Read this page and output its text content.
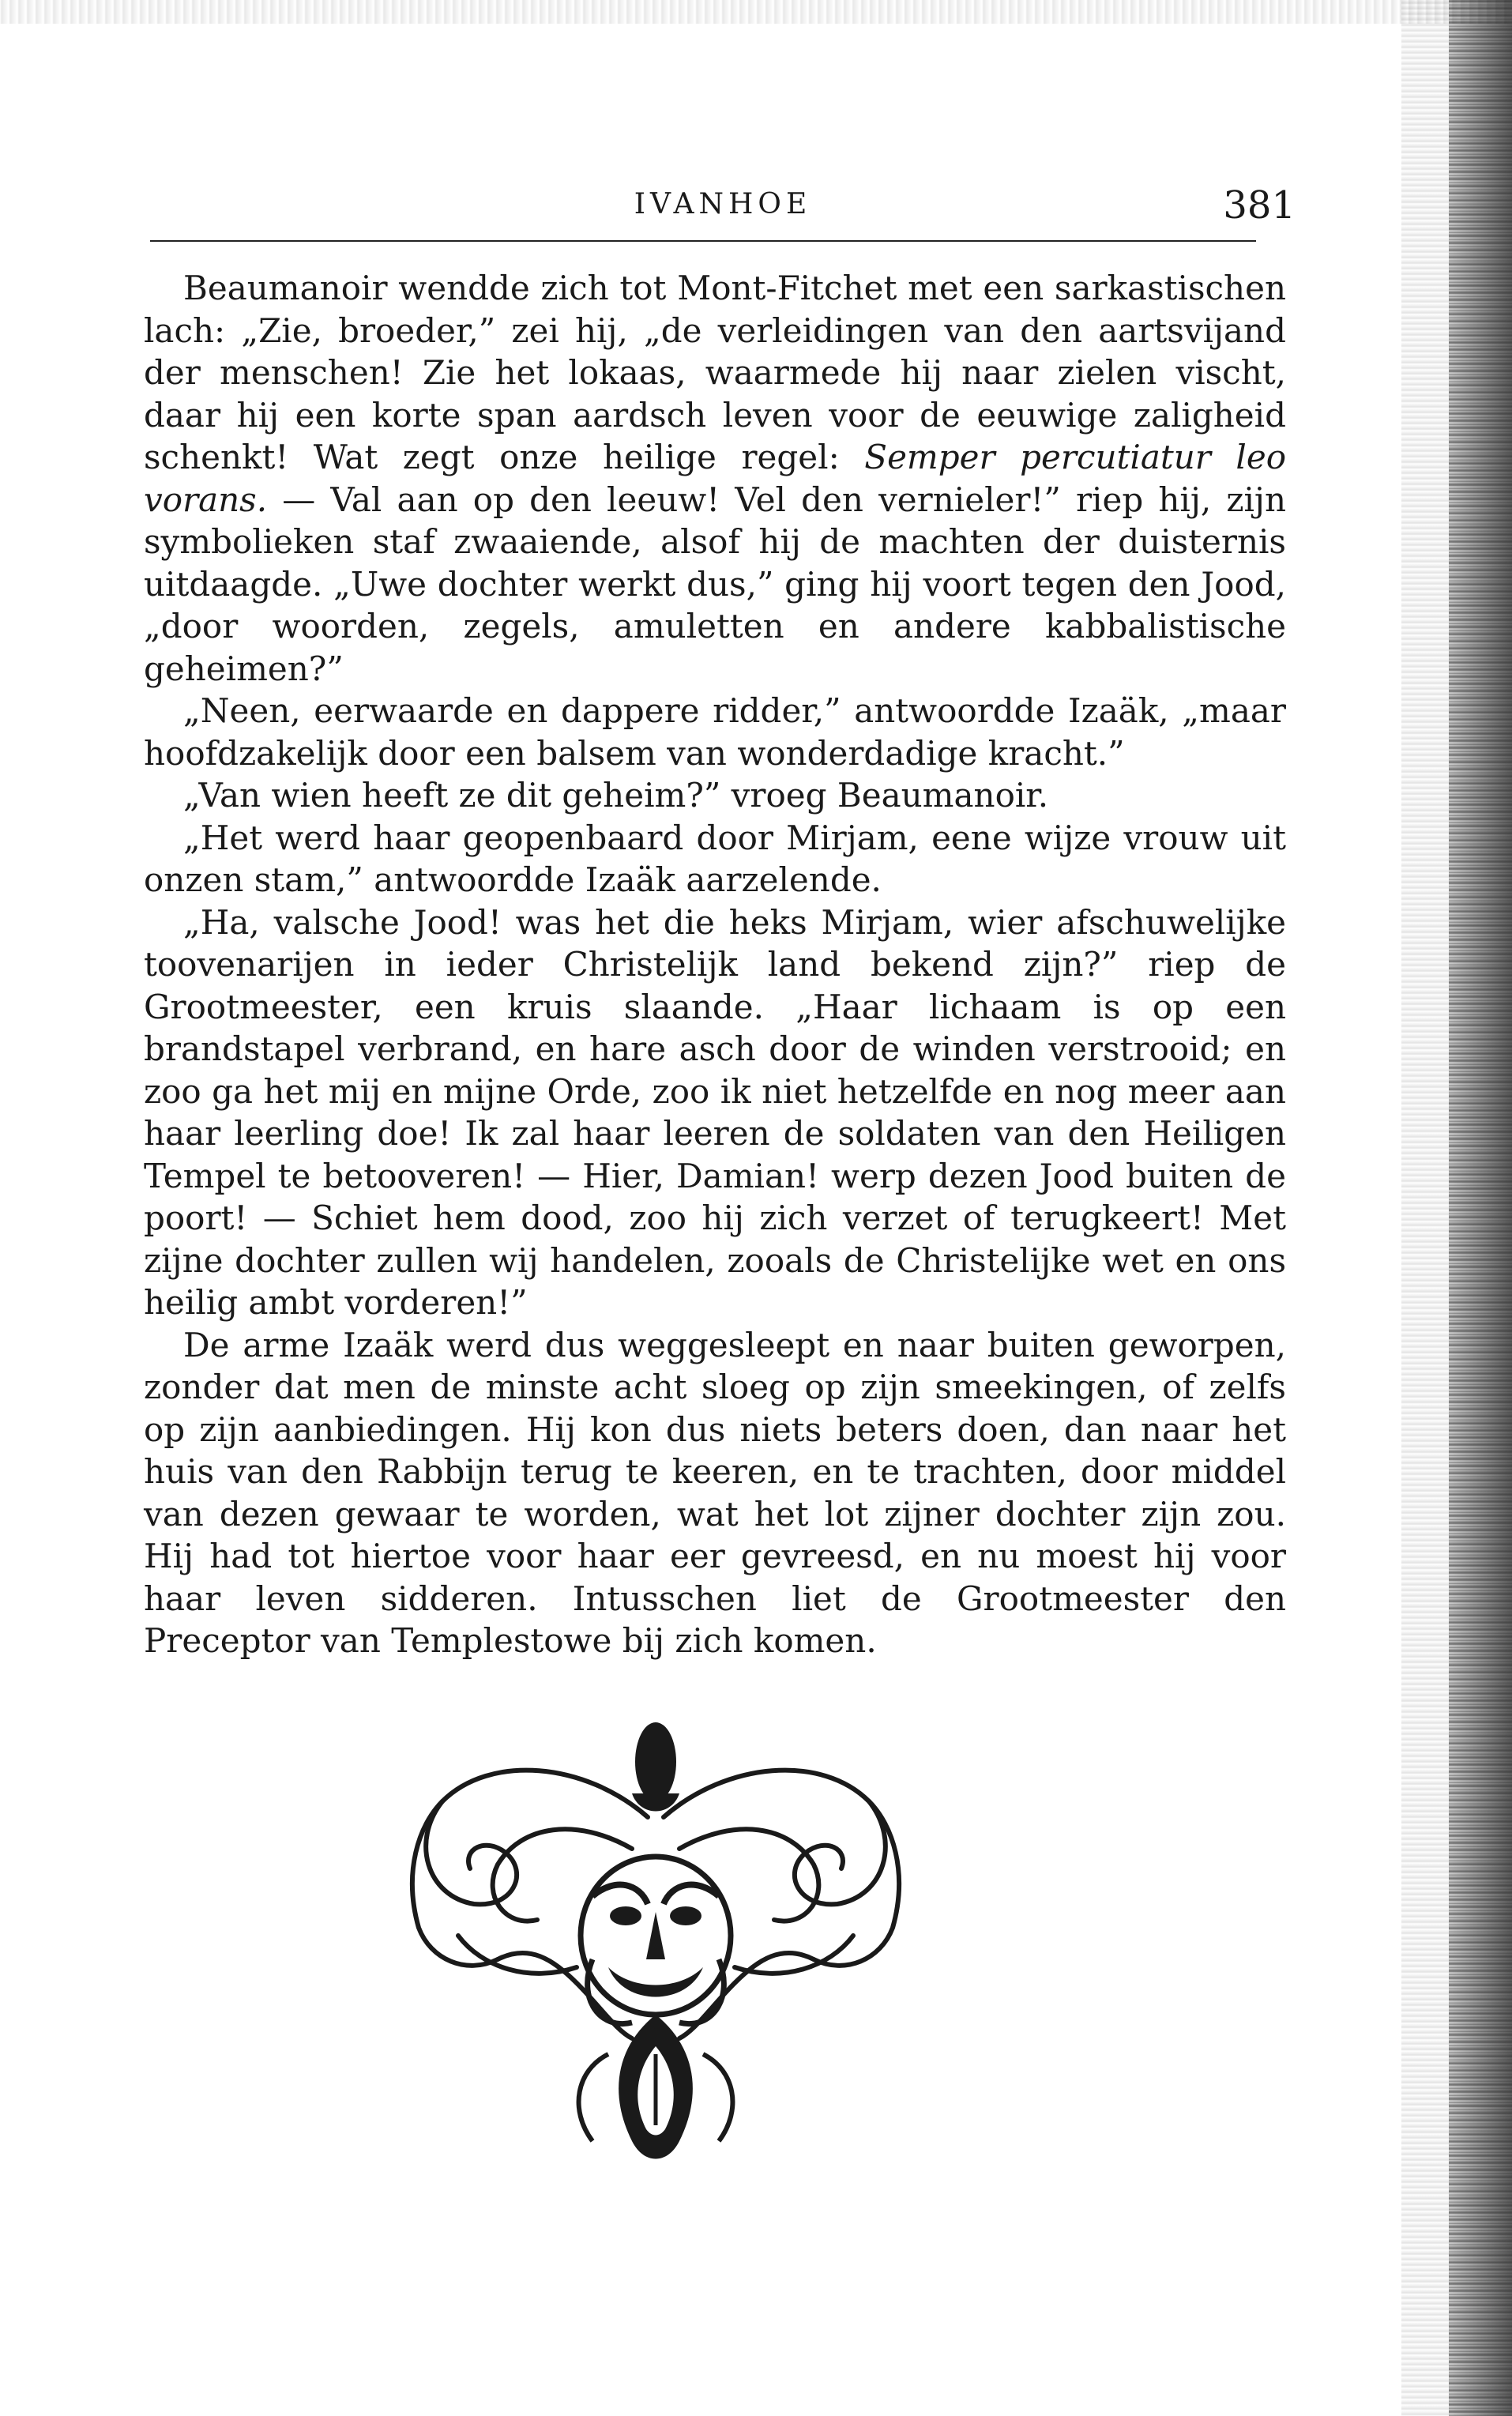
IVANHOE	381

Beaumanoir wendde zich tot Mont-Fitchet met een sarkastischen lach: „Zie, broeder,” zei hij, „de verleidingen van den aartsvijand der menschen! Zie het lokaas, waarmede hij naar zielen vischt, daar hij een korte span aardsch leven voor de eeuwige zaligheid schenkt! Wat zegt onze heilige regel: Semper percutiatur leo vorans. — Val aan op den leeuw! Vel den vernieler!” riep hij, zijn symbolieken staf zwaaiende, alsof hij de machten der duisternis uitdaagde. „Uwe dochter werkt dus,” ging hij voort tegen den Jood, „door woorden, zegels, amuletten en andere kabbalistische geheimen?”

„Neen, eerwaarde en dappere ridder,” antwoordde Izaäk, „maar hoofdzakelijk door een balsem van wonderdadige kracht.”

„Van wien heeft ze dit geheim?” vroeg Beaumanoir.

„Het werd haar geopenbaard door Mirjam, eene wijze vrouw uit onzen stam,” antwoordde Izaäk aarzelende.

„Ha, valsche Jood! was het die heks Mirjam, wier afschuwelijke toovenarijen in ieder Christelijk land bekend zijn?” riep de Grootmeester, een kruis slaande. „Haar lichaam is op een brandstapel verbrand, en hare asch door de winden verstrooid; en zoo ga het mij en mijne Orde, zoo ik niet hetzelfde en nog meer aan haar leerling doe! Ik zal haar leeren de soldaten van den Heiligen Tempel te betooveren! — Hier, Damian! werp dezen Jood buiten de poort! — Schiet hem dood, zoo hij zich verzet of terugkeert! Met zijne dochter zullen wij handelen, zooals de Christelijke wet en ons heilig ambt vorderen!”

De arme Izaäk werd dus weggesleept en naar buiten geworpen, zonder dat men de minste acht sloeg op zijn smeekingen, of zelfs op zijn aanbiedingen. Hij kon dus niets beters doen, dan naar het huis van den Rabbijn terug te keeren, en te trachten, door middel van dezen gewaar te worden, wat het lot zijner dochter zijn zou. Hij had tot hiertoe voor haar eer gevreesd, en nu moest hij voor haar leven sidderen. Intusschen liet de Grootmeester den Preceptor van Templestowe bij zich komen.
